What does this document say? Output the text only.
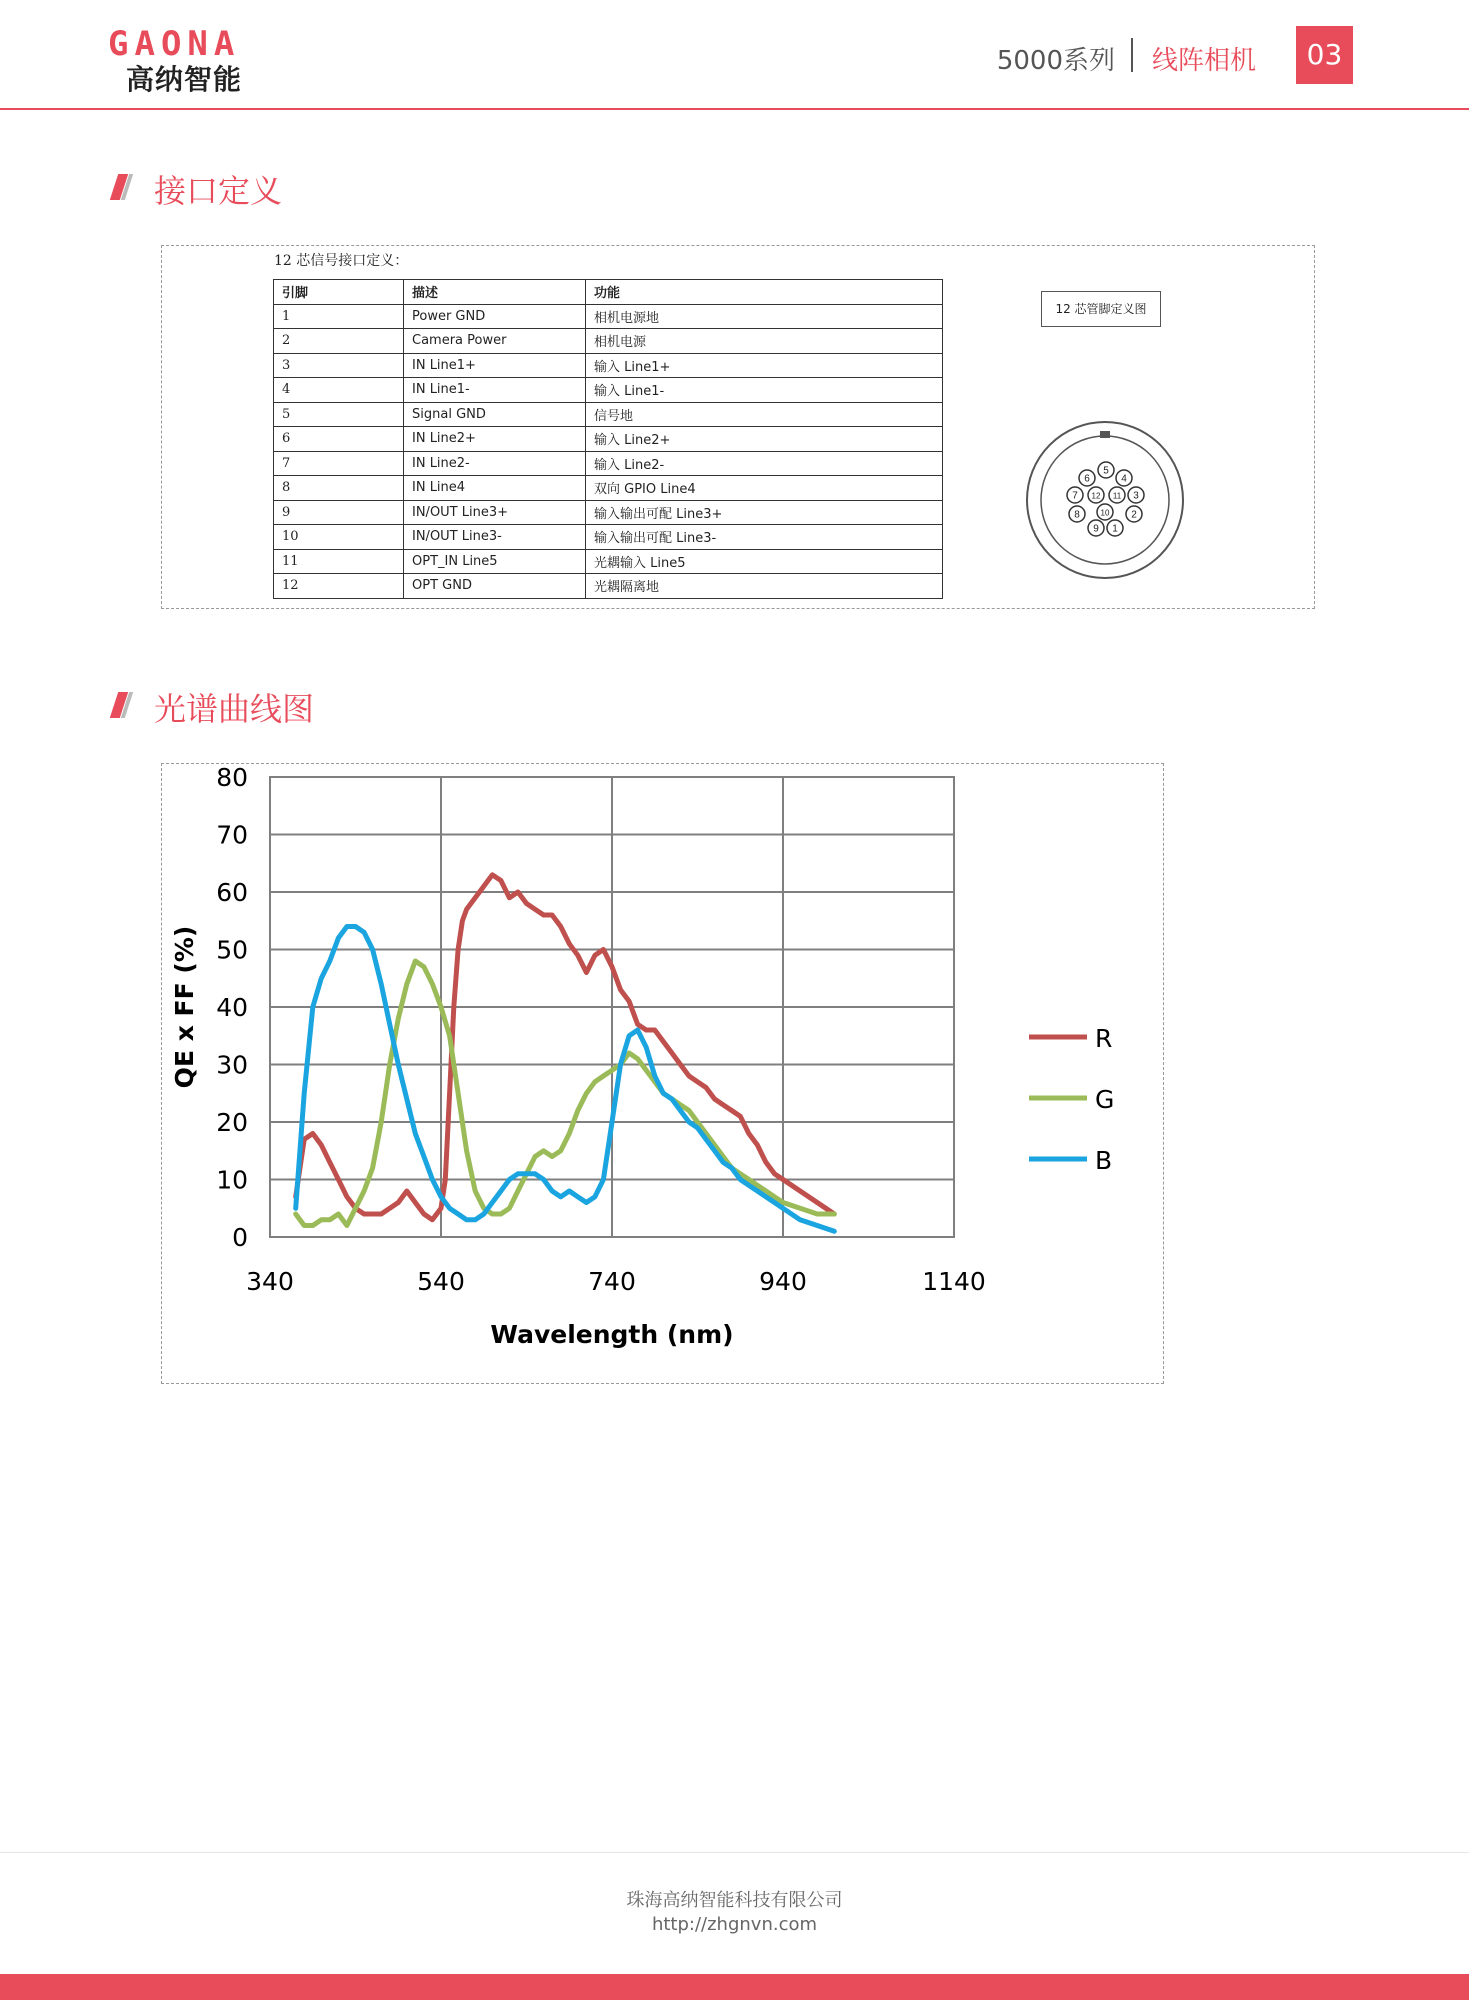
GAONA
高纳智能
5000系列 线阵相机	03
接口定义
12 芯信号接口定义：
引脚	描述	功能
1	Power GND	相机电源地
2	Camera Power	相机电源
3	IN Line1+	输入 Line1+
4	IN Line1-	输入 Line1-
5	Signal GND	信号地
6	IN Line2+	输入 Line2+
7	IN Line2-	输入 Line2-
8	IN Line4	双向 GPIO Line4
9	IN/OUT Line3+	输入输出可配 Line3+
10	IN/OUT Line3-	输入输出可配 Line3-
11	OPT_IN Line5	光耦输入 Line5
12	OPT GND	光耦隔离地
12 芯管脚定义图
1
2
3
4
5
6
7
8
9
10
11
12
光谱曲线图
0
10
20
30
40
50
60
70
80
340	540	740	940	1140
Wavelength (nm)
QE x FF (%)	R
G
B
珠海高纳智能科技有限公司
http://zhgnvn.com
